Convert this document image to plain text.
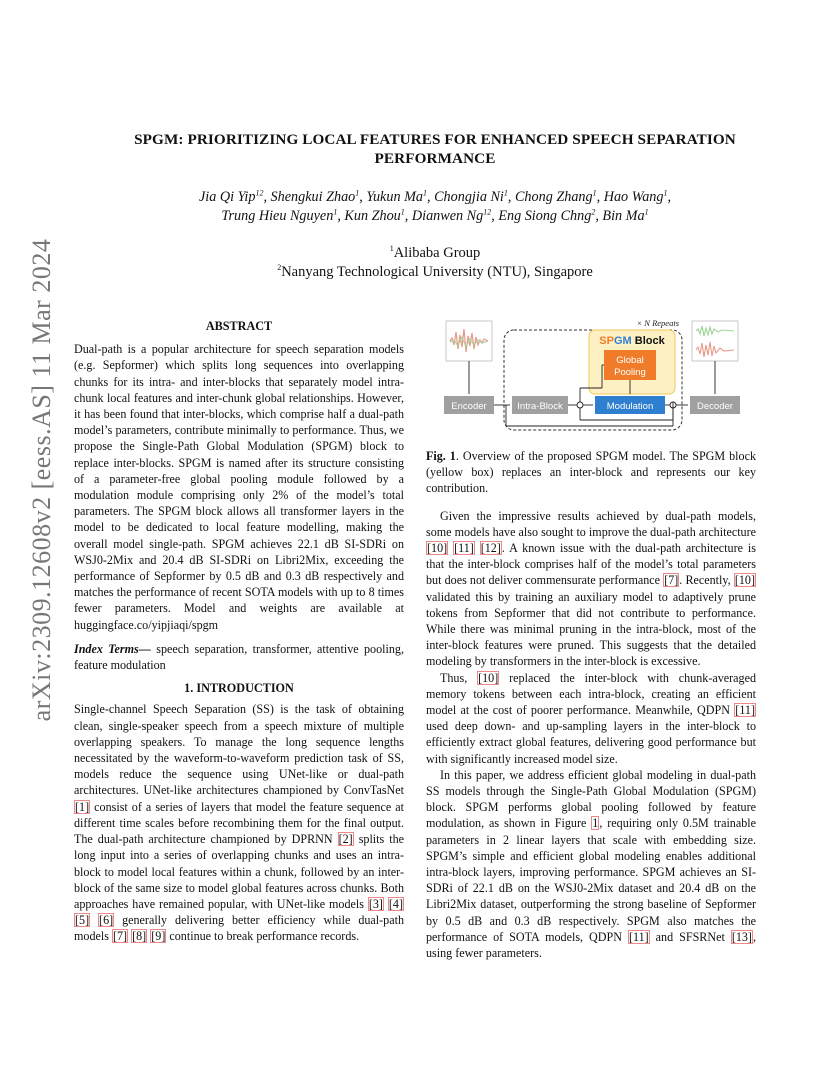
arXiv:2309.12608v2 [eess.AS] 11 Mar 2024
SPGM: PRIORITIZING LOCAL FEATURES FOR ENHANCED SPEECH SEPARATION
PERFORMANCE
Jia Qi Yip$^{12}$, Shengkui Zhao$^1$, Yukun Ma$^1$, Chongjia Ni$^1$, Chong Zhang$^1$, Hao Wang$^1$,
Trung Hieu Nguyen$^1$, Kun Zhou$^1$, Dianwen Ng$^{12}$, Eng Siong Chng$^2$, Bin Ma$^1$
$^1$Alibaba Group
$^2$Nanyang Technological University (NTU), Singapore

ABSTRACT

Dual-path is a popular architecture for speech separation models (e.g. Sepformer) which splits long sequences into overlapping chunks for its intra- and inter-blocks that separately model intra-chunk local features and inter-chunk global relationships. However, it has been found that inter-blocks, which comprise half a dual-path model’s parameters, contribute minimally to performance. Thus, we propose the Single-Path Global Modulation (SPGM) block to replace inter-blocks. SPGM is named after its structure consisting of a parameter-free global pooling module followed by a modulation module comprising only 2% of the model’s total parameters. The SPGM block allows all transformer layers in the model to be dedicated to local feature modelling, making the overall model single-path. SPGM achieves 22.1 dB SI-SDRi on WSJ0-2Mix and 20.4 dB SI-SDRi on Libri2Mix, exceeding the performance of Sepformer by 0.5 dB and 0.3 dB respectively and matches the performance of recent SOTA models with up to 8 times fewer parameters. Model and weights are available at huggingface.co/yipjiaqi/spgm

Index Terms— speech separation, transformer, attentive pooling, feature modulation

1. INTRODUCTION

Single-channel Speech Separation (SS) is the task of obtaining clean, single-speaker speech from a speech mixture of multiple overlapping speakers. To manage the long sequence lengths necessitated by the waveform-to-waveform prediction task of SS, models reduce the sequence using UNet-like or dual-path architectures. UNet-like architectures championed by ConvTasNet [1] consist of a series of layers that model the feature sequence at different time scales before recombining them for the final output. The dual-path architecture championed by DPRNN [2] splits the long input into a series of overlapping chunks and uses an intra-block to model local features within a chunk, followed by an inter-block of the same size to model global features across chunks. Both approaches have remained popular, with UNet-like models [3] [4] [5] [6] generally delivering better efficiency while dual-path models [7] [8] [9] continue to break performance records.

× N Repeats
SPGM Block
Global
Pooling
Encoder	Intra-Block	Modulation	Decoder

Fig. 1. Overview of the proposed SPGM model. The SPGM block (yellow box) replaces an inter-block and represents our key contribution.

Given the impressive results achieved by dual-path models, some models have also sought to improve the dual-path architecture [10] [11] [12]. A known issue with the dual-path architecture is that the inter-block comprises half of the model’s total parameters but does not deliver commensurate performance [7]. Recently, [10] validated this by training an auxiliary model to adaptively prune tokens from Sepformer that did not contribute to performance. While there was minimal pruning in the intra-block, most of the inter-block features were pruned. This suggests that the detailed modeling by transformers in the inter-block is excessive.

Thus, [10] replaced the inter-block with chunk-averaged memory tokens between each intra-block, creating an efficient model at the cost of poorer performance. Meanwhile, QDPN [11] used deep down- and up-sampling layers in the inter-block to efficiently extract global features, delivering good performance but with significantly increased model size.

In this paper, we address efficient global modeling in dual-path SS models through the Single-Path Global Modulation (SPGM) block. SPGM performs global pooling followed by feature modulation, as shown in Figure 1, requiring only 0.5M trainable parameters in 2 linear layers that scale with embedding size. SPGM’s simple and efficient global modeling enables additional intra-block layers, improving performance. SPGM achieves an SI-SDRi of 22.1 dB on the WSJ0-2Mix dataset and 20.4 dB on the Libri2Mix dataset, outperforming the strong baseline of Sepformer by 0.5 dB and 0.3 dB respectively. SPGM also matches the performance of SOTA models, QDPN [11] and SFSRNet [13], using fewer parameters.
